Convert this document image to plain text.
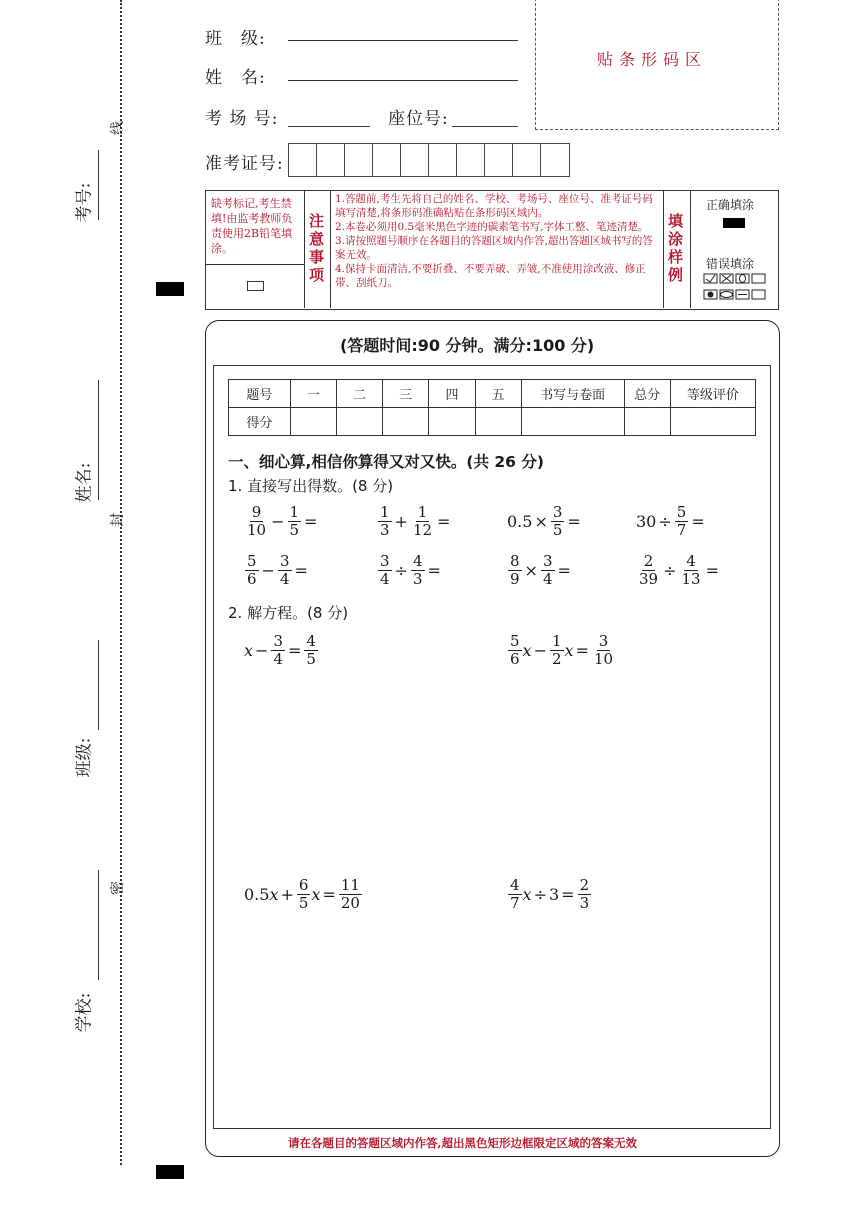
考号:
线
姓名:
封
班级:
密
学校:
班　级:
姓　名:
考 场 号:	座位号:
准考证号:
贴条形码区
缺考标记,考生禁填!由监考教师负责使用2B铅笔填涂。
注意事项
1.答题前,考生先将自己的姓名、学校、考场号、座位号、准考证号码填写清楚,将条形码准确粘贴在条形码区域内。
2.本卷必须用0.5毫米黑色字迹的碳素笔书写,字体工整、笔迹清楚。
3.请按照题号顺序在各题目的答题区域内作答,超出答题区域书写的答案无效。
4.保持卡面清洁,不要折叠、不要弄破、弄皱,不准使用涂改液、修正带、刮纸刀。
填涂样例
正确填涂
错误填涂
(答题时间:90 分钟。满分:100 分)
题号	一	二	三	四	五	书写与卷面	总分	等级评价
得分								
一、细心算,相信你算得又对又快。(共 26 分)
1. 直接写出得数。(8 分)
$\frac{9}{10} - \frac{1}{5}$ =	$\frac{1}{3} + \frac{1}{12}$ =	$0.5 \times \frac{3}{5}$ =	$30 \div \frac{5}{7}$ =
$\frac{5}{6} - \frac{3}{4}$ =	$\frac{3}{4} \div \frac{4}{3}$ =	$\frac{8}{9} \times \frac{3}{4}$ =	$\frac{2}{39} \div \frac{4}{13}$ =
2. 解方程。(8 分)
$x - \frac{3}{4} = \frac{4}{5}$	$\frac{5}{6}$ $x - \frac{1}{2}$ $x = \frac{3}{10}$
0.5 $x + \frac{6}{5}$ $x = \frac{11}{20}$	$\frac{4}{7}$ $x \div 3 = \frac{2}{3}$
请在各题目的答题区域内作答,超出黑色矩形边框限定区域的答案无效
